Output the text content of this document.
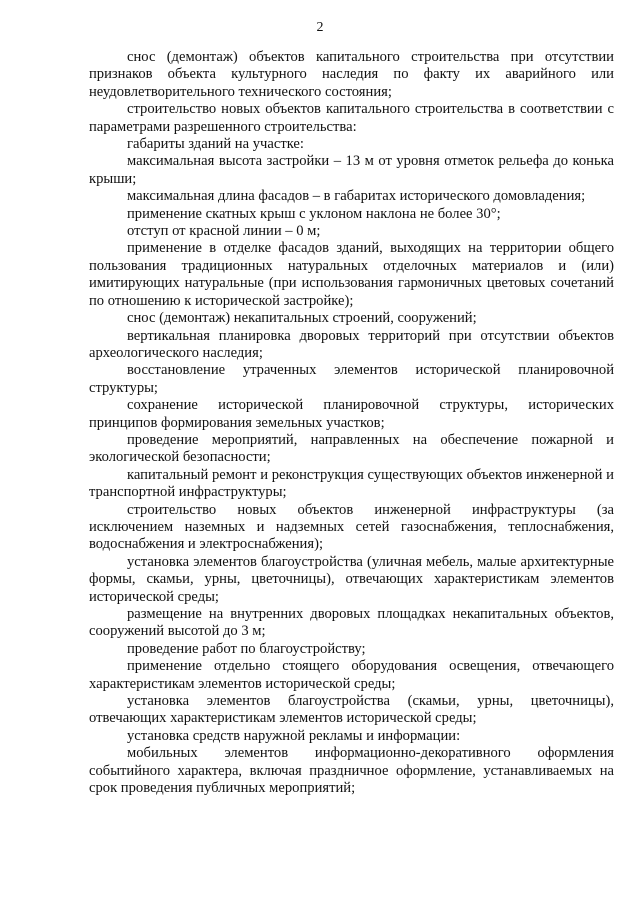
2

снос (демонтаж) объектов капитального строительства при отсутствии признаков объекта культурного наследия по факту их аварийного или неудовлетворительного технического состояния;

строительство новых объектов капитального строительства в соответствии с параметрами разрешенного строительства:

габариты зданий на участке:

максимальная высота застройки – 13 м от уровня отметок рельефа до конька крыши;

максимальная длина фасадов – в габаритах исторического домовладения;

применение скатных крыш с уклоном наклона не более 30°;

отступ от красной линии – 0 м;

применение в отделке фасадов зданий, выходящих на территории общего пользования традиционных натуральных отделочных материалов и (или) имитирующих натуральные (при использования гармоничных цветовых сочетаний по отношению к исторической застройке);

снос (демонтаж) некапитальных строений, сооружений;

вертикальная планировка дворовых территорий при отсутствии объектов археологического наследия;

восстановление утраченных элементов исторической планировочной структуры;

сохранение исторической планировочной структуры, исторических принципов формирования земельных участков;

проведение мероприятий, направленных на обеспечение пожарной и экологической безопасности;

капитальный ремонт и реконструкция существующих объектов инженерной и транспортной инфраструктуры;

строительство новых объектов инженерной инфраструктуры (за исключением наземных и надземных сетей газоснабжения, теплоснабжения, водоснабжения и электроснабжения);

установка элементов благоустройства (уличная мебель, малые архитектурные формы, скамьи, урны, цветочницы), отвечающих характеристикам элементов исторической среды;

размещение на внутренних дворовых площадках некапитальных объектов, сооружений высотой до 3 м;

проведение работ по благоустройству;

применение отдельно стоящего оборудования освещения, отвечающего характеристикам элементов исторической среды;

установка элементов благоустройства (скамьи, урны, цветочницы), отвечающих характеристикам элементов исторической среды;

установка средств наружной рекламы и информации:

мобильных элементов информационно-декоративного оформления событийного характера, включая праздничное оформление, устанавливаемых на срок проведения публичных мероприятий;
